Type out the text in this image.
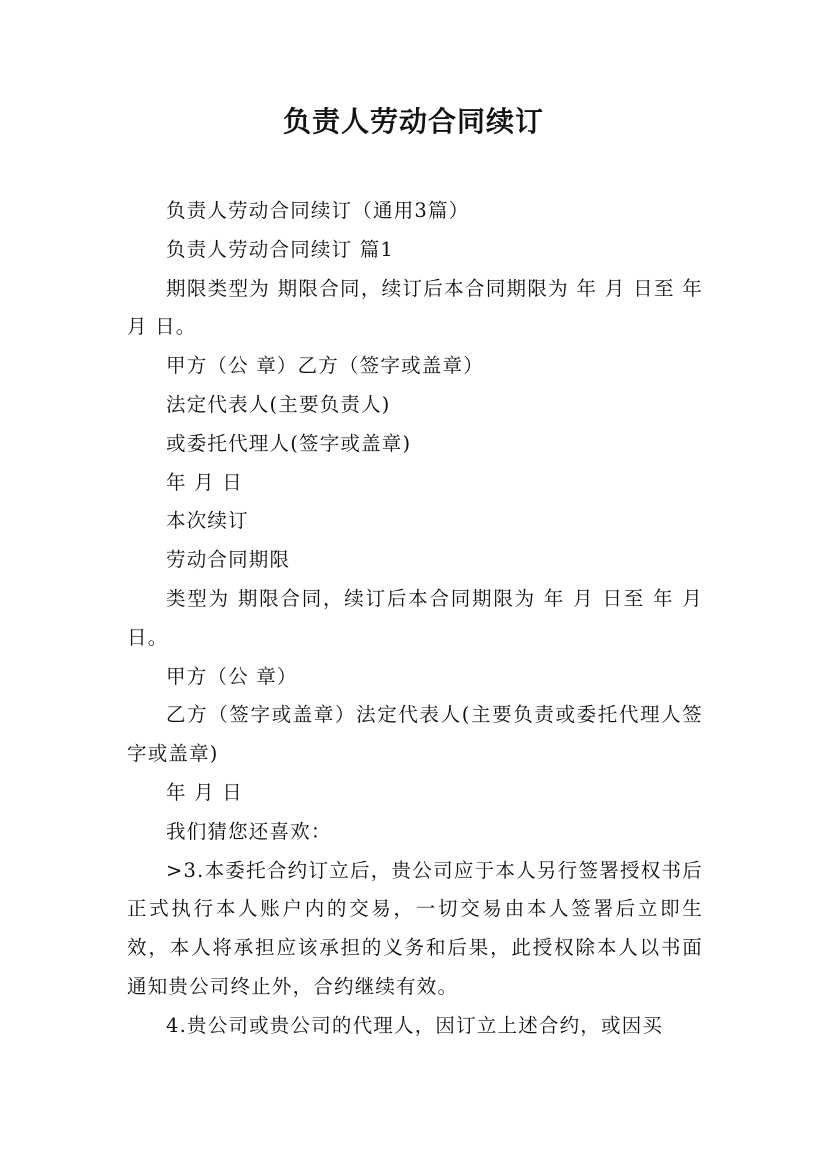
负责人劳动合同续订

负责人劳动合同续订（通用3篇）

负责人劳动合同续订 篇1

期限类型为 期限合同，续订后本合同期限为 年 月 日至 年 月 日。

甲方（公 章）乙方（签字或盖章）

法定代表人(主要负责人)

或委托代理人(签字或盖章)

年 月 日

本次续订

劳动合同期限

类型为 期限合同，续订后本合同期限为 年 月 日至 年 月 日。

甲方（公 章）

乙方（签字或盖章）法定代表人(主要负责或委托代理人签字或盖章)

年 月 日

我们猜您还喜欢：

>3.本委托合约订立后，贵公司应于本人另行签署授权书后正式执行本人账户内的交易，一切交易由本人签署后立即生效，本人将承担应该承担的义务和后果，此授权除本人以书面通知贵公司终止外，合约继续有效。

4.贵公司或贵公司的代理人，因订立上述合约，或因买
